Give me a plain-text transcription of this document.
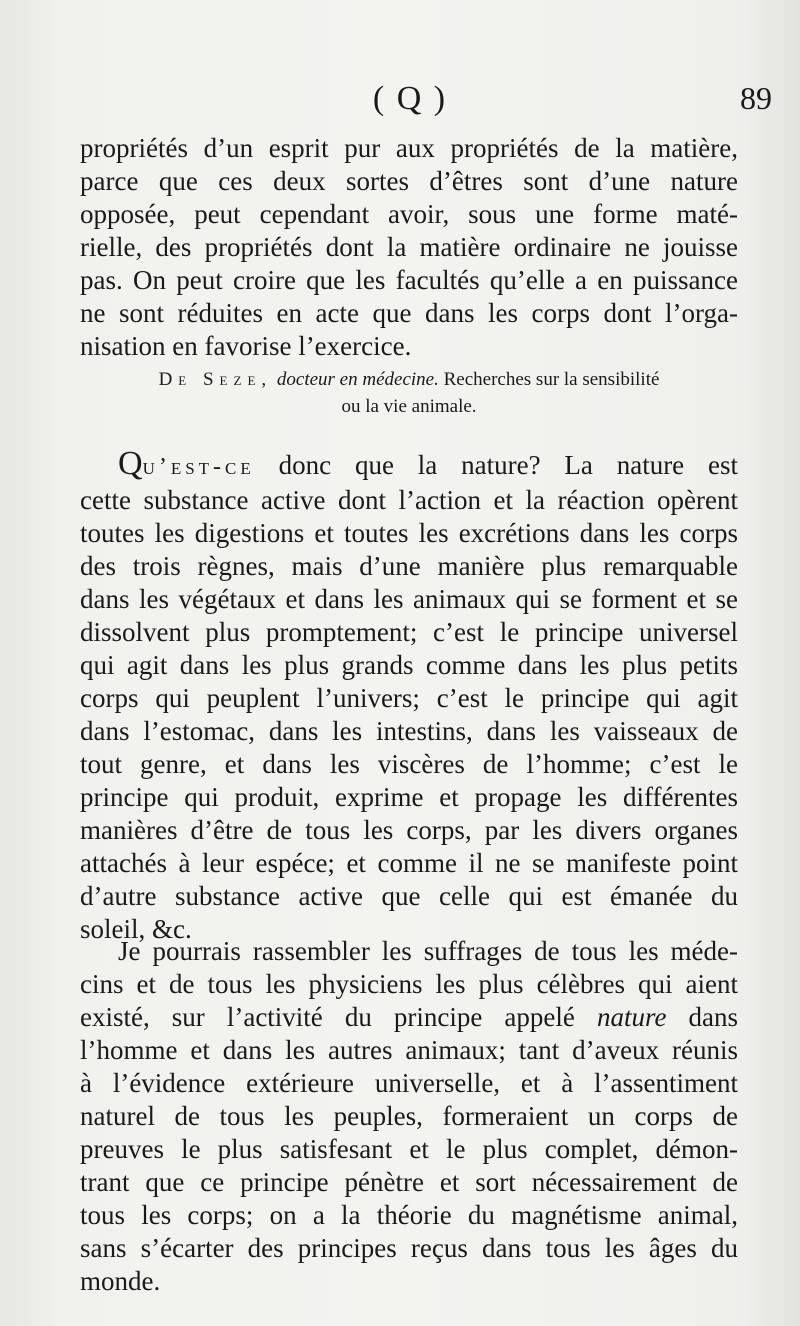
( Q )	89
propriétés d’un esprit pur aux propriétés de la matière,
parce que ces deux sortes d’êtres sont d’une nature
opposée, peut cependant avoir, sous une forme maté-
rielle, des propriétés dont la matière ordinaire ne jouisse
pas. On peut croire que les facultés qu’elle a en puissance
ne sont réduites en acte que dans les corps dont l’orga-
nisation en favorise l’exercice.
De Seze, docteur en médecine. Recherches sur la sensibilité
ou la vie animale.
Qu’est-ce donc que la nature? La nature est
cette substance active dont l’action et la réaction opèrent
toutes les digestions et toutes les excrétions dans les corps
des trois règnes, mais d’une manière plus remarquable
dans les végétaux et dans les animaux qui se forment et se
dissolvent plus promptement; c’est le principe universel
qui agit dans les plus grands comme dans les plus petits
corps qui peuplent l’univers; c’est le principe qui agit
dans l’estomac, dans les intestins, dans les vaisseaux de
tout genre, et dans les viscères de l’homme; c’est le
principe qui produit, exprime et propage les différentes
manières d’être de tous les corps, par les divers organes
attachés à leur espéce; et comme il ne se manifeste point
d’autre substance active que celle qui est émanée du
soleil, &c.
Je pourrais rassembler les suffrages de tous les méde-
cins et de tous les physiciens les plus célèbres qui aient
existé, sur l’activité du principe appelé nature dans
l’homme et dans les autres animaux; tant d’aveux réunis
à l’évidence extérieure universelle, et à l’assentiment
naturel de tous les peuples, formeraient un corps de
preuves le plus satisfesant et le plus complet, démon-
trant que ce principe pénètre et sort nécessairement de
tous les corps; on a la théorie du magnétisme animal,
sans s’écarter des principes reçus dans tous les âges du
monde.
